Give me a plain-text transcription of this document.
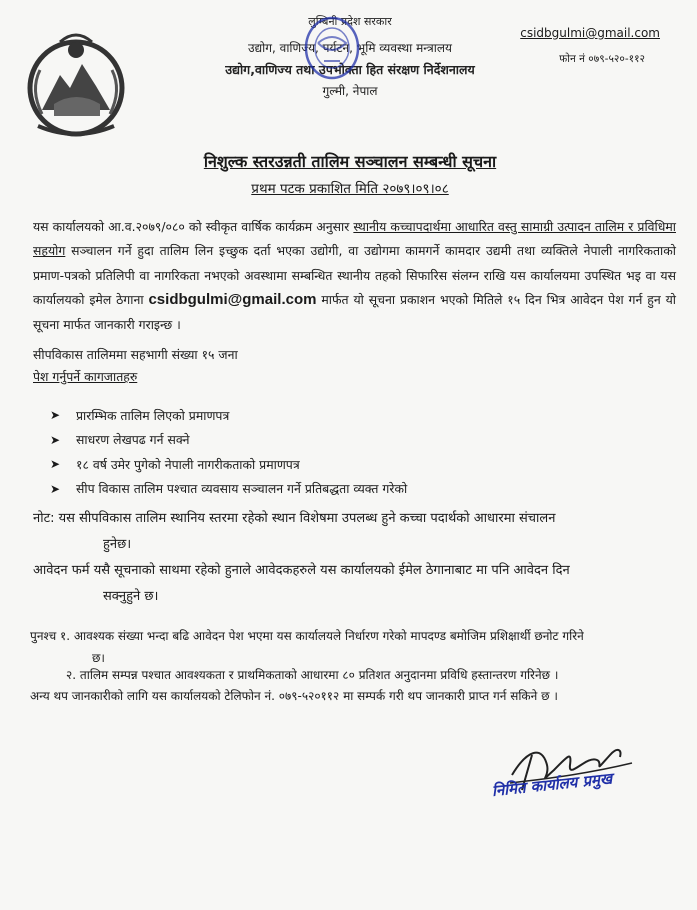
लुम्बिनी प्रदेश सरकार
उद्योग, वाणिज्य, पर्यटन, भूमि व्यवस्था मन्त्रालय
उद्योग,वाणिज्य तथा उपभोक्ता हित संरक्षण निर्देशनालय
गुल्मी, नेपाल
csidbgulmi@gmail.com
फोन नं ०७९-५२०-११२
निशुल्क स्तरउन्नती तालिम सञ्चालन सम्बन्धी सूचना
प्रथम पटक प्रकाशित मिति २०७९।०९।०८
यस कार्यालयको आ.व.२०७९/०८० को स्वीकृत वार्षिक कार्यक्रम अनुसार स्थानीय कच्चापदार्थमा आधारित वस्तु सामाग्री उत्पादन तालिम र प्रविधिमा सहयोग सञ्चालन गर्ने हुदा तालिम लिन इच्छुक दर्ता भएका उद्योगी, वा उद्योगमा कामगर्ने कामदार उद्यमी तथा व्यक्तिले नेपाली नागरिकताको प्रमाण-पत्रको प्रतिलिपी वा नागरिकता नभएको अवस्थामा सम्बन्धित स्थानीय तहको सिफारिस संलग्न राखि यस कार्यालयमा उपस्थित भइ वा यस कार्यालयको इमेल ठेगाना csidbgulmi@gmail.com मार्फत यो सूचना प्रकाशन भएको मितिले १५ दिन भित्र आवेदन पेश गर्न हुन यो सूचना मार्फत जानकारी गराइन्छ ।
सीपविकास तालिममा सहभागी संख्या १५ जना
पेश गर्नुपर्ने कागजातहरु
➤	प्रारम्भिक तालिम लिएको प्रमाणपत्र
➤	साधरण लेखपढ गर्न सक्ने
➤	१८ वर्ष उमेर पुगेको नेपाली नागरीकताको प्रमाणपत्र
➤	सीप विकास तालिम पश्चात व्यवसाय सञ्चालन गर्ने प्रतिबद्धता व्यक्त गरेको
नोट: यस सीपविकास तालिम स्थानिय स्तरमा रहेको स्थान विशेषमा उपलब्ध हुने कच्चा पदार्थको आधारमा संचालन
हुनेछ।
आवेदन फर्म यसै सूचनाको साथमा रहेको हुनाले आवेदकहरुले यस कार्यालयको ईमेल ठेगानाबाट मा पनि आवेदन दिन
सक्नुहुने छ।
पुनश्च १. आवश्यक संख्या भन्दा बढि आवेदन पेश भएमा यस कार्यालयले निर्धारण गरेको मापदण्ड बमोजिम प्रशिक्षार्थी छनोट गरिने
छ।
२. तालिम सम्पन्न पश्चात आवश्यकता र प्राथमिकताको आधारमा ८० प्रतिशत अनुदानमा प्रविधि हस्तान्तरण गरिनेछ ।
अन्य थप जानकारीको लागि यस कार्यालयको टेलिफोन नं. ०७९-५२०११२ मा सम्पर्क गरी थप जानकारी प्राप्त गर्न सकिने छ ।
निमित कार्यालय प्रमुख
